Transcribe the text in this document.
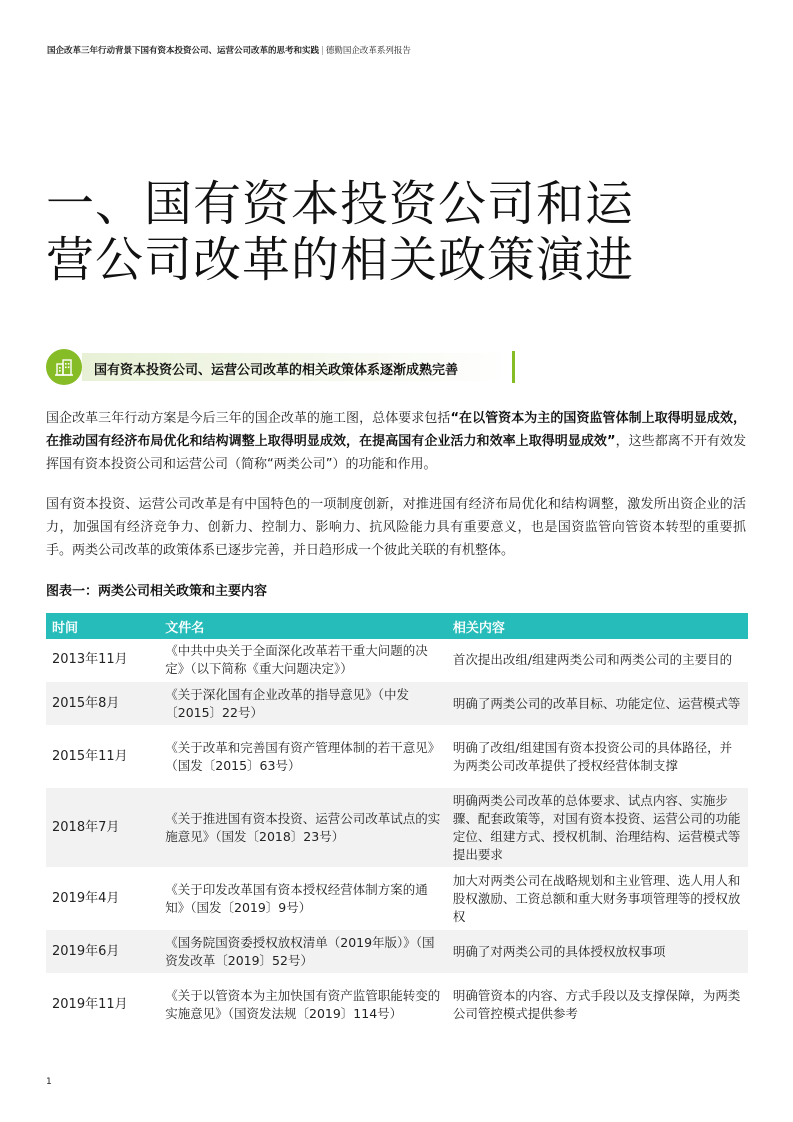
国企改革三年行动背景下国有资本投资公司、运营公司改革的思考和实践 | 德勤国企改革系列报告
一、国有资本投资公司和运
营公司改革的相关政策演进
国有资本投资公司、运营公司改革的相关政策体系逐渐成熟完善
国企改革三年行动方案是今后三年的国企改革的施工图，总体要求包括“在以管资本为主的国资监管体制上取得明显成效，在推动国有经济布局优化和结构调整上取得明显成效，在提高国有企业活力和效率上取得明显成效”，这些都离不开有效发挥国有资本投资公司和运营公司（简称“两类公司”）的功能和作用。
国有资本投资、运营公司改革是有中国特色的一项制度创新，对推进国有经济布局优化和结构调整，激发所出资企业的活力，加强国有经济竞争力、创新力、控制力、影响力、抗风险能力具有重要意义，也是国资监管向管资本转型的重要抓手。两类公司改革的政策体系已逐步完善，并日趋形成一个彼此关联的有机整体。
图表一：两类公司相关政策和主要内容
时间	文件名	相关内容
2013年11月	《中共中央关于全面深化改革若干重大问题的决定》（以下简称《重大问题决定》）	首次提出改组/组建两类公司和两类公司的主要目的
2015年8月	《关于深化国有企业改革的指导意见》（中发〔2015〕22号）	明确了两类公司的改革目标、功能定位、运营模式等
2015年11月	《关于改革和完善国有资产管理体制的若干意见》（国发〔2015〕63号）	明确了改组/组建国有资本投资公司的具体路径，并为两类公司改革提供了授权经营体制支撑
2018年7月	《关于推进国有资本投资、运营公司改革试点的实施意见》（国发〔2018〕23号）	明确两类公司改革的总体要求、试点内容、实施步骤、配套政策等，对国有资本投资、运营公司的功能定位、组建方式、授权机制、治理结构、运营模式等提出要求
2019年4月	《关于印发改革国有资本授权经营体制方案的通知》（国发〔2019〕9号）	加大对两类公司在战略规划和主业管理、选人用人和股权激励、工资总额和重大财务事项管理等的授权放权
2019年6月	《国务院国资委授权放权清单（2019年版）》（国资发改革〔2019〕52号）	明确了对两类公司的具体授权放权事项
2019年11月	《关于以管资本为主加快国有资产监管职能转变的实施意见》（国资发法规〔2019〕114号）	明确管资本的内容、方式手段以及支撑保障，为两类公司管控模式提供参考
1
